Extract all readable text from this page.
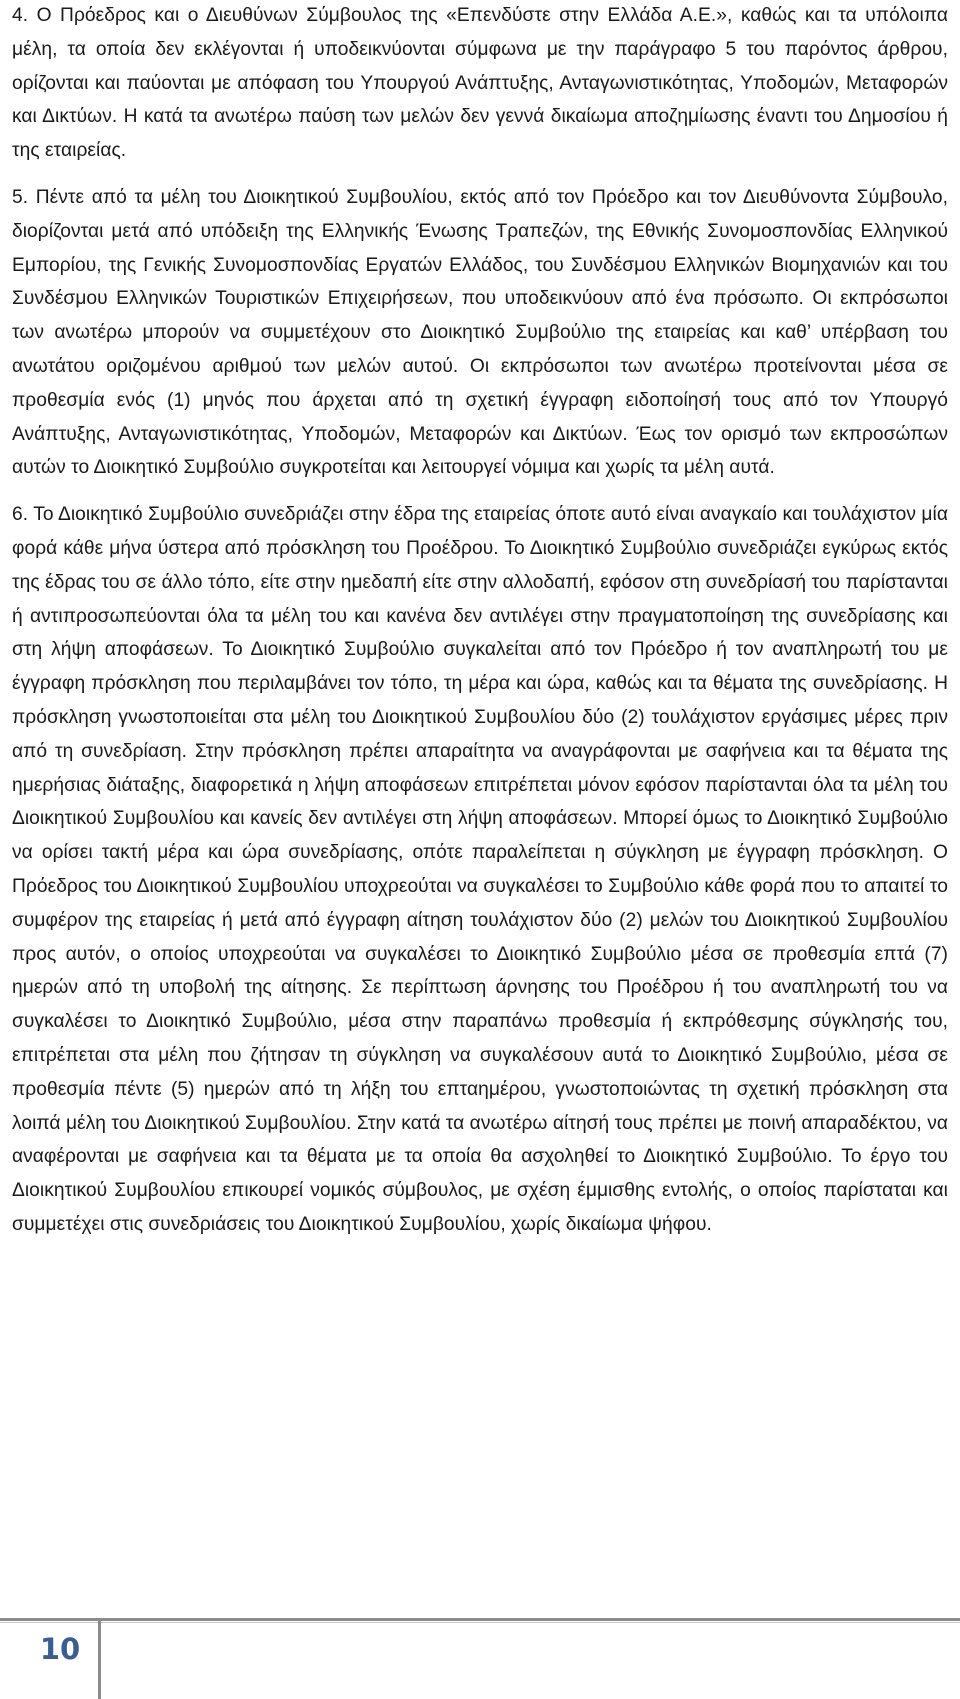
4. Ο Πρόεδρος και ο Διευθύνων Σύμβουλος της «Επενδύστε στην Ελλάδα Α.Ε.», καθώς και τα υπόλοιπα μέλη, τα οποία δεν εκλέγονται ή υποδεικνύονται σύμφωνα με την παράγραφο 5 του παρόντος άρθρου, ορίζονται και παύονται με απόφαση του Υπουργού Ανάπτυξης, Ανταγωνιστικότητας, Υποδομών, Μεταφορών και Δικτύων. Η κατά τα ανωτέρω παύση των μελών δεν γεννά δικαίωμα αποζημίωσης έναντι του Δημοσίου ή της εταιρείας.

5. Πέντε από τα μέλη του Διοικητικού Συμβουλίου, εκτός από τον Πρόεδρο και τον Διευθύνοντα Σύμβουλο, διορίζονται μετά από υπόδειξη της Ελληνικής Ένωσης Τραπεζών, της Εθνικής Συνομοσπονδίας Ελληνικού Εμπορίου, της Γενικής Συνομοσπονδίας Εργατών Ελλάδος, του Συνδέσμου Ελληνικών Βιομηχανιών και του Συνδέσμου Ελληνικών Τουριστικών Επιχειρήσεων, που υποδεικνύουν από ένα πρόσωπο. Οι εκπρόσωποι των ανωτέρω μπορούν να συμμετέχουν στο Διοικητικό Συμβούλιο της εταιρείας και καθ’ υπέρβαση του ανωτάτου οριζομένου αριθμού των μελών αυτού. Οι εκπρόσωποι των ανωτέρω προτείνονται μέσα σε προθεσμία ενός (1) μηνός που άρχεται από τη σχετική έγγραφη ειδοποίησή τους από τον Υπουργό Ανάπτυξης, Ανταγωνιστικότητας, Υποδομών, Μεταφορών και Δικτύων. Έως τον ορισμό των εκπροσώπων αυτών το Διοικητικό Συμβούλιο συγκροτείται και λειτουργεί νόμιμα και χωρίς τα μέλη αυτά.

6. Το Διοικητικό Συμβούλιο συνεδριάζει στην έδρα της εταιρείας όποτε αυτό είναι αναγκαίο και τουλάχιστον μία φορά κάθε μήνα ύστερα από πρόσκληση του Προέδρου. Το Διοικητικό Συμβούλιο συνεδριάζει εγκύρως εκτός της έδρας του σε άλλο τόπο, είτε στην ημεδαπή είτε στην αλλοδαπή, εφόσον στη συνεδρίασή του παρίστανται ή αντιπροσωπεύονται όλα τα μέλη του και κανένα δεν αντιλέγει στην πραγματοποίηση της συνεδρίασης και στη λήψη αποφάσεων. Το Διοικητικό Συμβούλιο συγκαλείται από τον Πρόεδρο ή τον αναπληρωτή του με έγγραφη πρόσκληση που περιλαμβάνει τον τόπο, τη μέρα και ώρα, καθώς και τα θέματα της συνεδρίασης. Η πρόσκληση γνωστοποιείται στα μέλη του Διοικητικού Συμβουλίου δύο (2) τουλάχιστον εργάσιμες μέρες πριν από τη συνεδρίαση. Στην πρόσκληση πρέπει απαραίτητα να αναγράφονται με σαφήνεια και τα θέματα της ημερήσιας διάταξης, διαφορετικά η λήψη αποφάσεων επιτρέπεται μόνον εφόσον παρίστανται όλα τα μέλη του Διοικητικού Συμβουλίου και κανείς δεν αντιλέγει στη λήψη αποφάσεων. Μπορεί όμως το Διοικητικό Συμβούλιο να ορίσει τακτή μέρα και ώρα συνεδρίασης, οπότε παραλείπεται η σύγκληση με έγγραφη πρόσκληση. Ο Πρόεδρος του Διοικητικού Συμβουλίου υποχρεούται να συγκαλέσει το Συμβούλιο κάθε φορά που το απαιτεί το συμφέρον της εταιρείας ή μετά από έγγραφη αίτηση τουλάχιστον δύο (2) μελών του Διοικητικού Συμβουλίου προς αυτόν, ο οποίος υποχρεούται να συγκαλέσει το Διοικητικό Συμβούλιο μέσα σε προθεσμία επτά (7) ημερών από τη υποβολή της αίτησης. Σε περίπτωση άρνησης του Προέδρου ή του αναπληρωτή του να συγκαλέσει το Διοικητικό Συμβούλιο, μέσα στην παραπάνω προθεσμία ή εκπρόθεσμης σύγκλησής του, επιτρέπεται στα μέλη που ζήτησαν τη σύγκληση να συγκαλέσουν αυτά το Διοικητικό Συμβούλιο, μέσα σε προθεσμία πέντε (5) ημερών από τη λήξη του επταημέρου, γνωστοποιώντας τη σχετική πρόσκληση στα λοιπά μέλη του Διοικητικού Συμβουλίου. Στην κατά τα ανωτέρω αίτησή τους πρέπει με ποινή απαραδέκτου, να αναφέρονται με σαφήνεια και τα θέματα με τα οποία θα ασχοληθεί το Διοικητικό Συμβούλιο. Το έργο του Διοικητικού Συμβουλίου επικουρεί νομικός σύμβουλος, με σχέση έμμισθης εντολής, ο οποίος παρίσταται και συμμετέχει στις συνεδριάσεις του Διοικητικού Συμβουλίου, χωρίς δικαίωμα ψήφου.

10
